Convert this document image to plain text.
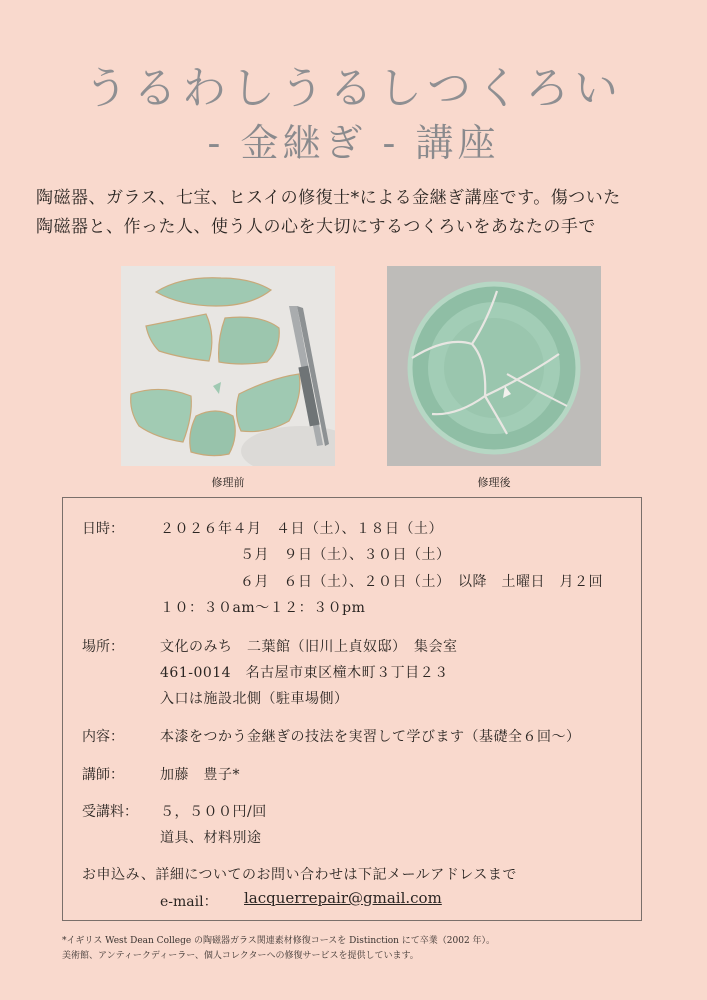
うるわしうるしつくろい
- 金継ぎ - 講座

陶磁器、ガラス、七宝、ヒスイの修復士*による金継ぎ講座です。傷ついた

陶磁器と、作った人、使う人の心を大切にするつくろいをあなたの手で

修理前	修理後
日時：	２０２６年４月　４日（土）、１８日（土）
５月　９日（土）、３０日（土）
６月　６日（土）、２０日（土）　以降　土曜日　月２回
１０：３０am〜１２：３０pm
場所：	文化のみち　二葉館（旧川上貞奴邸）　集会室
461-0014　名古屋市東区橦木町３丁目２３
入口は施設北側（駐車場側）
内容：	本漆をつかう金継ぎの技法を実習して学びます（基礎全６回〜）
講師：	加藤　豊子*
受講料： ５，５００円/回
道具、材料別途
お申込み、詳細についてのお問い合わせは下記メールアドレスまで
e-mail： lacquerrepair@gmail.com
*イギリス West Dean College の陶磁器ガラス関連素材修復コースを Distinction にて卒業（2002 年）。
美術館、アンティークディーラー、個人コレクターへの修復サービスを提供しています。
